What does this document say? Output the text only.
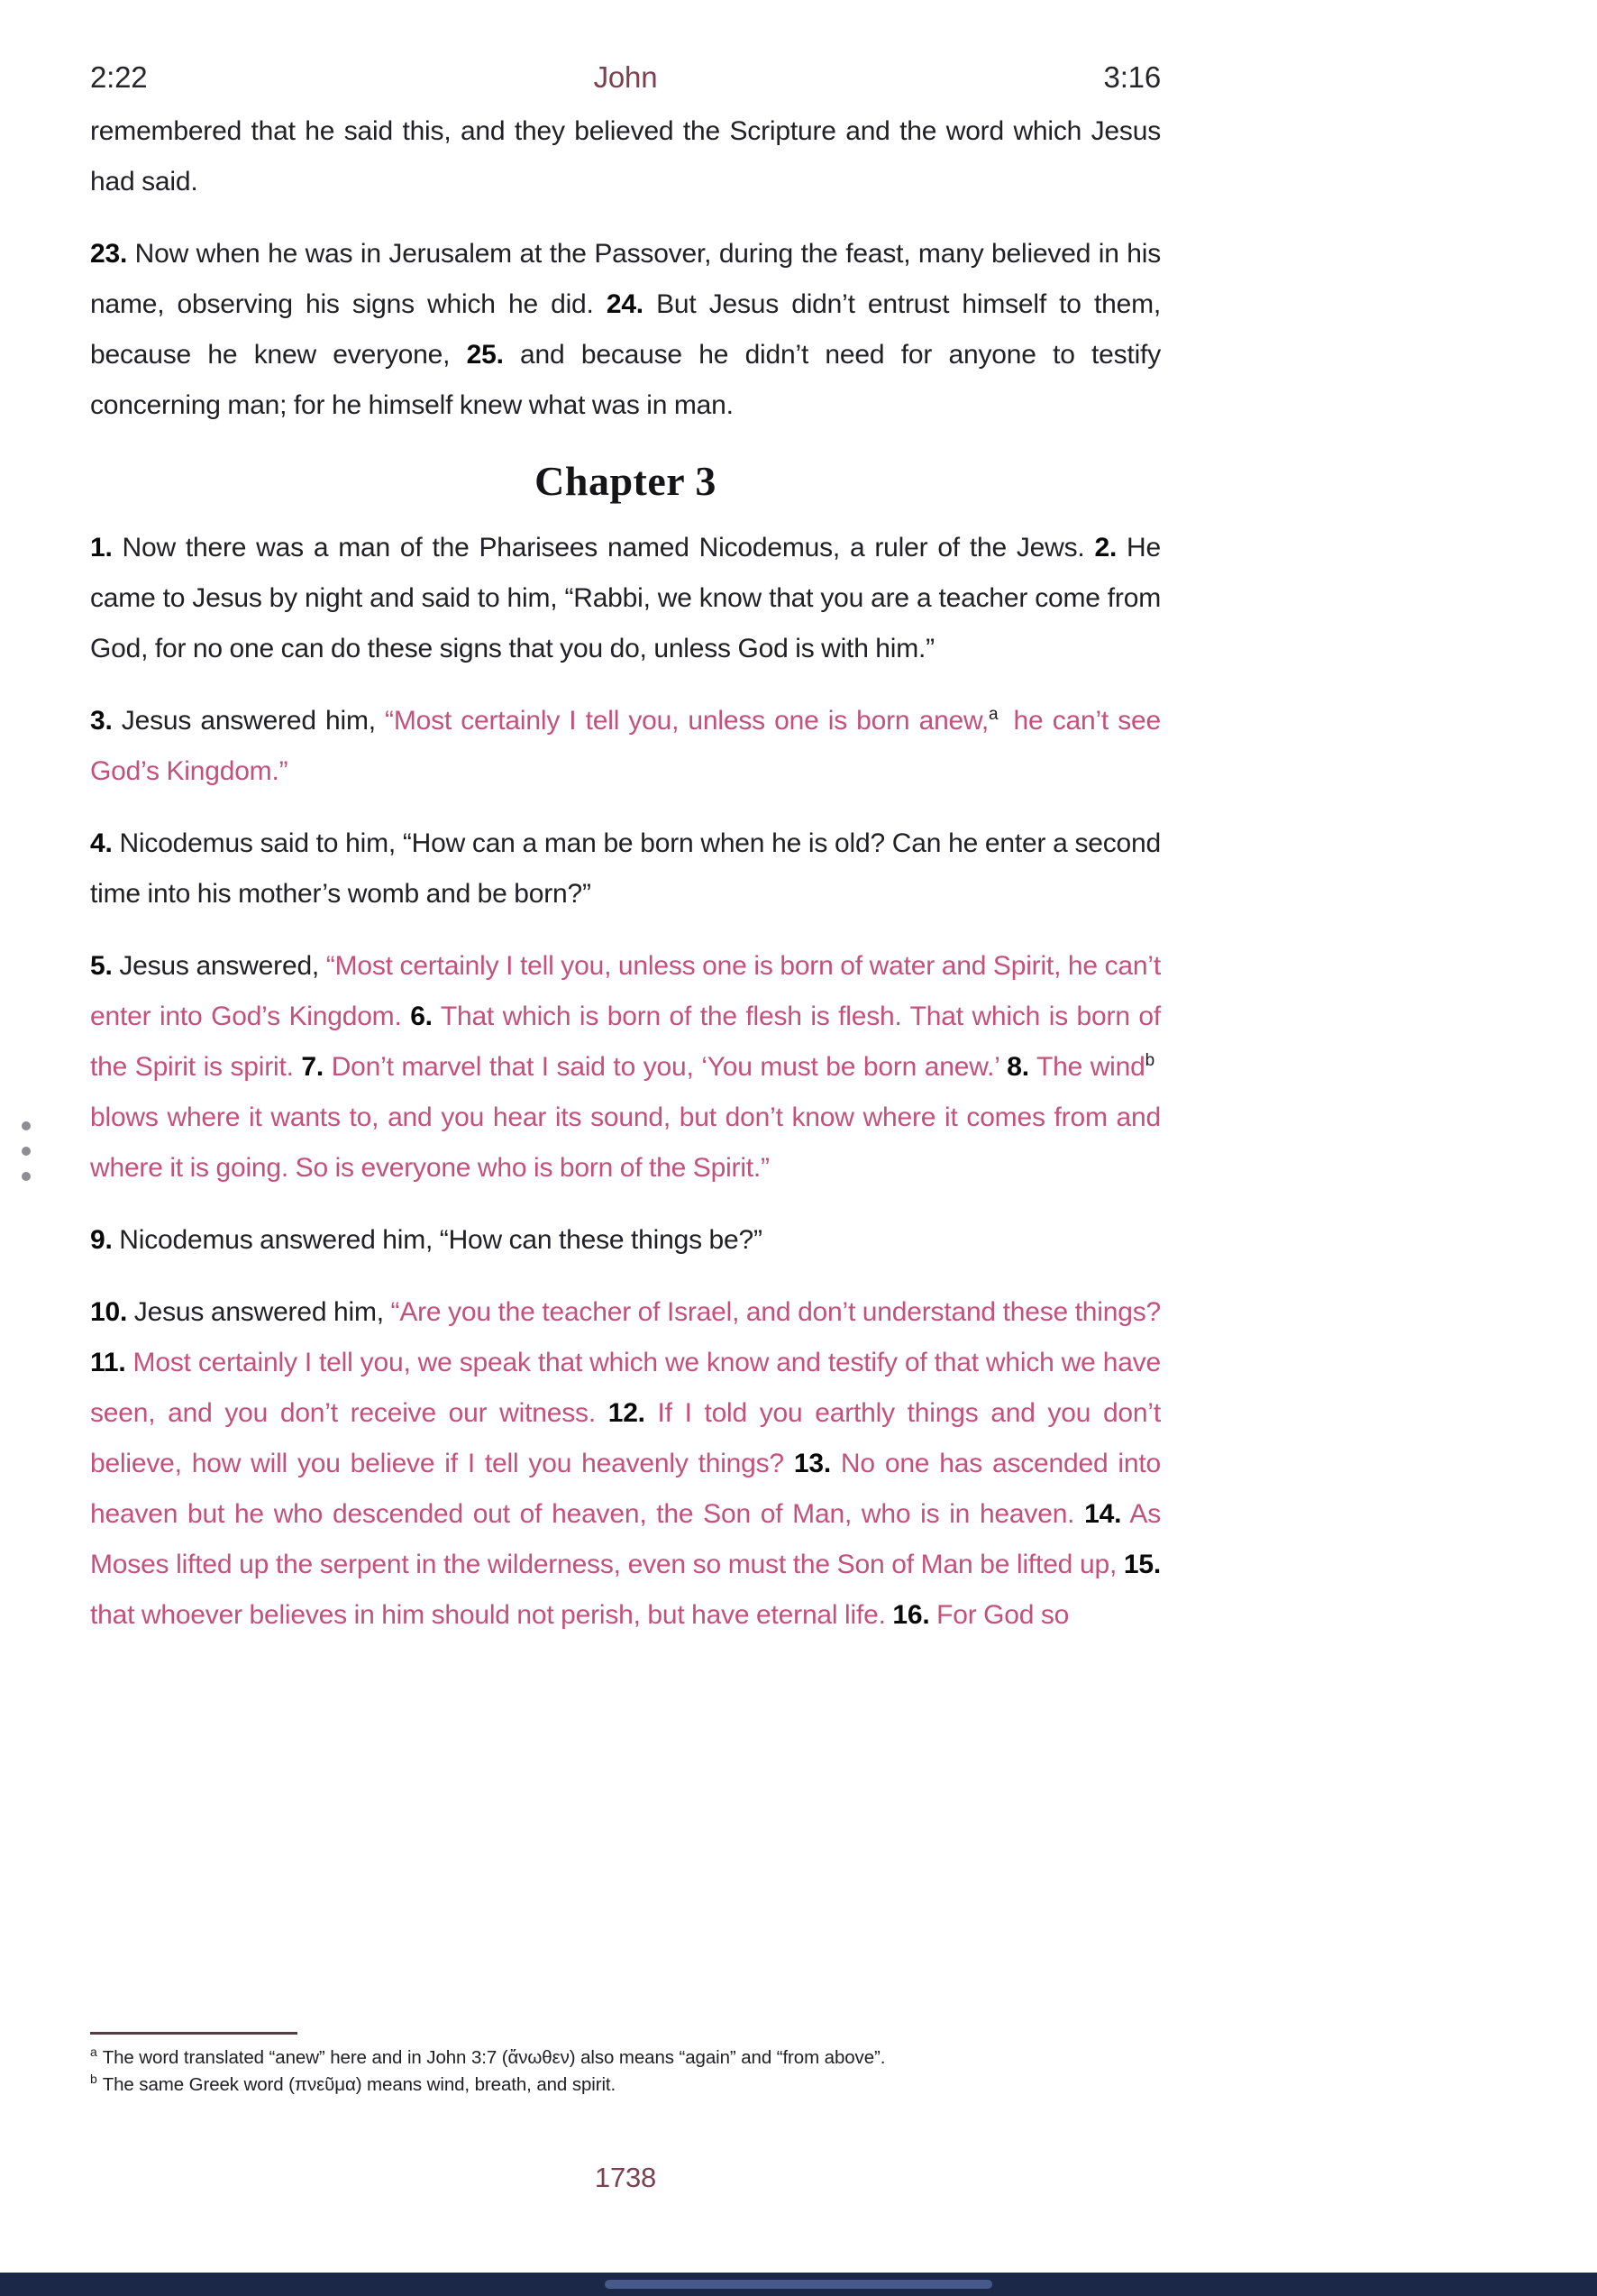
2:22	John	3:16

remembered that he said this, and they believed the Scripture and the word which Jesus had said.

23. Now when he was in Jerusalem at the Passover, during the feast, many believed in his name, observing his signs which he did. 24. But Jesus didn’t entrust himself to them, because he knew everyone, 25. and because he didn’t need for anyone to testify concerning man; for he himself knew what was in man.

Chapter 3

1. Now there was a man of the Pharisees named Nicodemus, a ruler of the Jews. 2. He came to Jesus by night and said to him, “Rabbi, we know that you are a teacher come from God, for no one can do these signs that you do, unless God is with him.”

3. Jesus answered him, “Most certainly I tell you, unless one is born anew,$^a$ he can’t see God’s Kingdom.”

4. Nicodemus said to him, “How can a man be born when he is old? Can he enter a second time into his mother’s womb and be born?”

5. Jesus answered, “Most certainly I tell you, unless one is born of water and Spirit, he can’t enter into God’s Kingdom. 6. That which is born of the flesh is flesh. That which is born of the Spirit is spirit. 7. Don’t marvel that I said to you, ‘You must be born anew.’ 8. The wind$^b$ blows where it wants to, and you hear its sound, but don’t know where it comes from and where it is going. So is everyone who is born of the Spirit.”

9. Nicodemus answered him, “How can these things be?”

10. Jesus answered him, “Are you the teacher of Israel, and don’t understand these things? 11. Most certainly I tell you, we speak that which we know and testify of that which we have seen, and you don’t receive our witness. 12. If I told you earthly things and you don’t believe, how will you believe if I tell you heavenly things? 13. No one has ascended into heaven but he who descended out of heaven, the Son of Man, who is in heaven. 14. As Moses lifted up the serpent in the wilderness, even so must the Son of Man be lifted up, 15. that whoever believes in him should not perish, but have eternal life. 16. For God so

$^a$ The word translated “anew” here and in John 3:7 (ἄνωθεν) also means “again” and “from above”.
$^b$ The same Greek word (πνεῦμα) means wind, breath, and spirit.
1738
